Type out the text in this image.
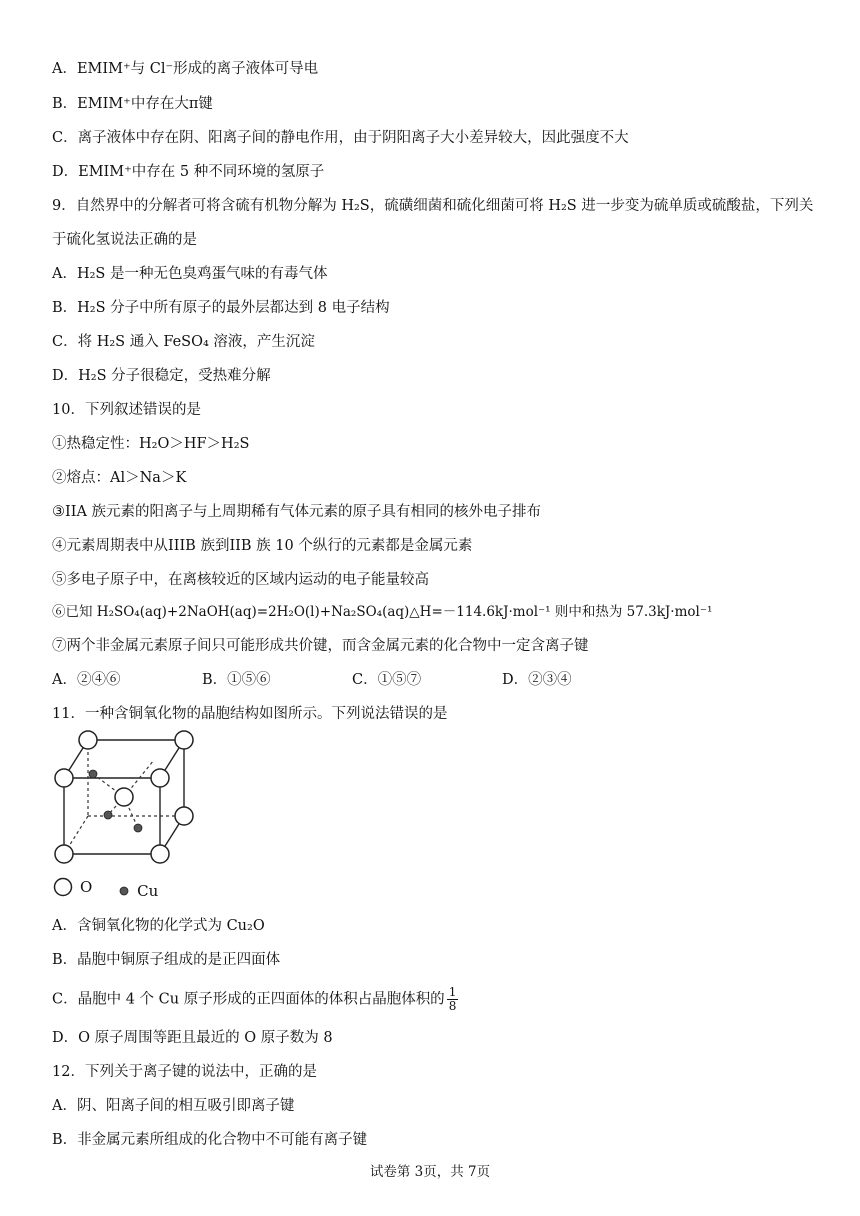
A．EMIM⁺与 Cl⁻形成的离子液体可导电
B．EMIM⁺中存在大π键
C．离子液体中存在阴、阳离子间的静电作用，由于阴阳离子大小差异较大，因此强度不大
D．EMIM⁺中存在 5 种不同环境的氢原子
9．自然界中的分解者可将含硫有机物分解为 H₂S，硫磺细菌和硫化细菌可将 H₂S 进一步变为硫单质或硫酸盐，下列关于硫化氢说法正确的是
A．H₂S 是一种无色臭鸡蛋气味的有毒气体
B．H₂S 分子中所有原子的最外层都达到 8 电子结构
C．将 H₂S 通入 FeSO₄ 溶液，产生沉淀
D．H₂S 分子很稳定，受热难分解
10．下列叙述错误的是
①热稳定性：H₂O＞HF＞H₂S
②熔点：Al＞Na＞K
③IIA 族元素的阳离子与上周期稀有气体元素的原子具有相同的核外电子排布
④元素周期表中从IIIB 族到IIB 族 10 个纵行的元素都是金属元素
⑤多电子原子中，在离核较近的区域内运动的电子能量较高
⑥已知 H₂SO₄(aq)+2NaOH(aq)=2H₂O(l)+Na₂SO₄(aq)△H=－114.6kJ·mol⁻¹ 则中和热为 57.3kJ·mol⁻¹
⑦两个非金属元素原子间只可能形成共价键，而含金属元素的化合物中一定含离子键
A．②④⑥	B．①⑤⑥	C．①⑤⑦	D．②③④
11．一种含铜氧化物的晶胞结构如图所示。下列说法错误的是
O
	Cu
A．含铜氧化物的化学式为 Cu₂O
B．晶胞中铜原子组成的是正四面体
C．晶胞中 4 个 Cu 原子形成的正四面体的体积占晶胞体积的 $\frac{1}{8}$
D．O 原子周围等距且最近的 O 原子数为 8
12．下列关于离子键的说法中，正确的是
A．阴、阳离子间的相互吸引即离子键
B．非金属元素所组成的化合物中不可能有离子键
试卷第 3页，共 7页
